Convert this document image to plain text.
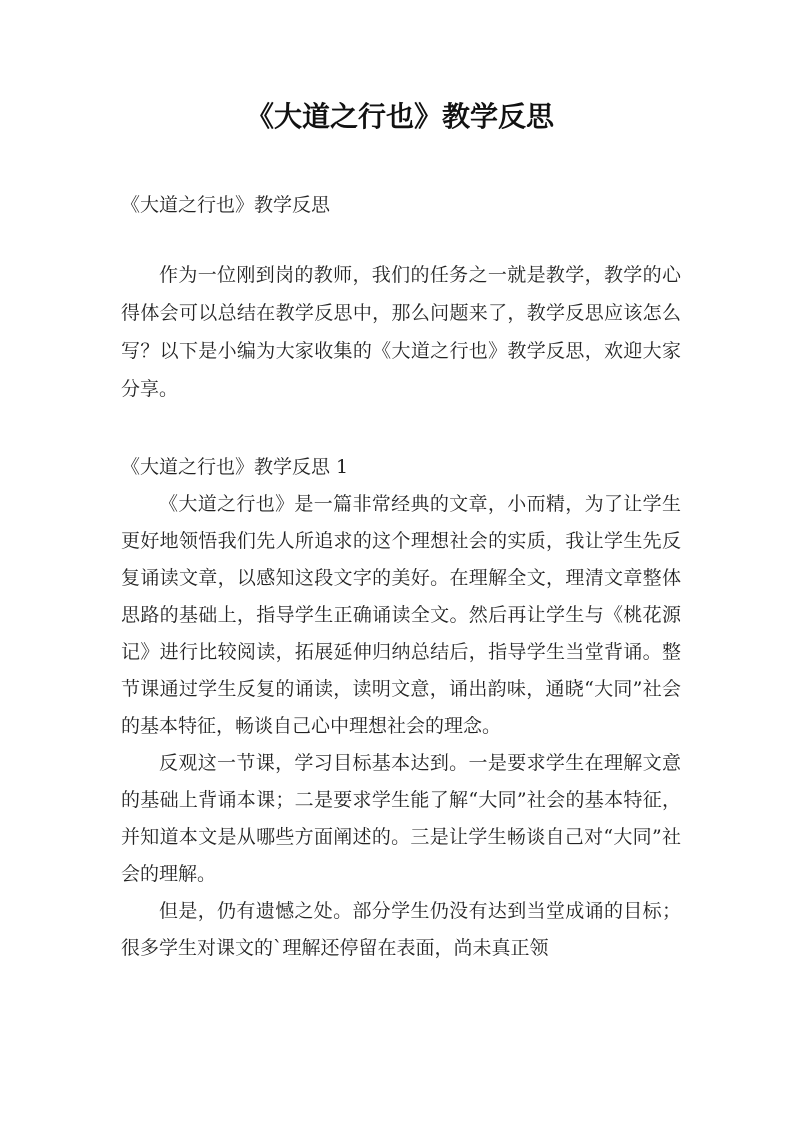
《大道之行也》教学反思

《大道之行也》教学反思

作为一位刚到岗的教师，我们的任务之一就是教学，教学的心得体会可以总结在教学反思中，那么问题来了，教学反思应该怎么写？以下是小编为大家收集的《大道之行也》教学反思，欢迎大家分享。

《大道之行也》教学反思 1

《大道之行也》是一篇非常经典的文章，小而精，为了让学生更好地领悟我们先人所追求的这个理想社会的实质，我让学生先反复诵读文章，以感知这段文字的美好。在理解全文，理清文章整体思路的基础上，指导学生正确诵读全文。然后再让学生与《桃花源记》进行比较阅读，拓展延伸归纳总结后，指导学生当堂背诵。整节课通过学生反复的诵读，读明文意，诵出韵味，通晓“大同”社会的基本特征，畅谈自己心中理想社会的理念。

反观这一节课，学习目标基本达到。一是要求学生在理解文意的基础上背诵本课；二是要求学生能了解“大同”社会的基本特征，并知道本文是从哪些方面阐述的。三是让学生畅谈自己对“大同”社会的理解。

但是，仍有遗憾之处。部分学生仍没有达到当堂成诵的目标；很多学生对课文的`理解还停留在表面，尚未真正领
